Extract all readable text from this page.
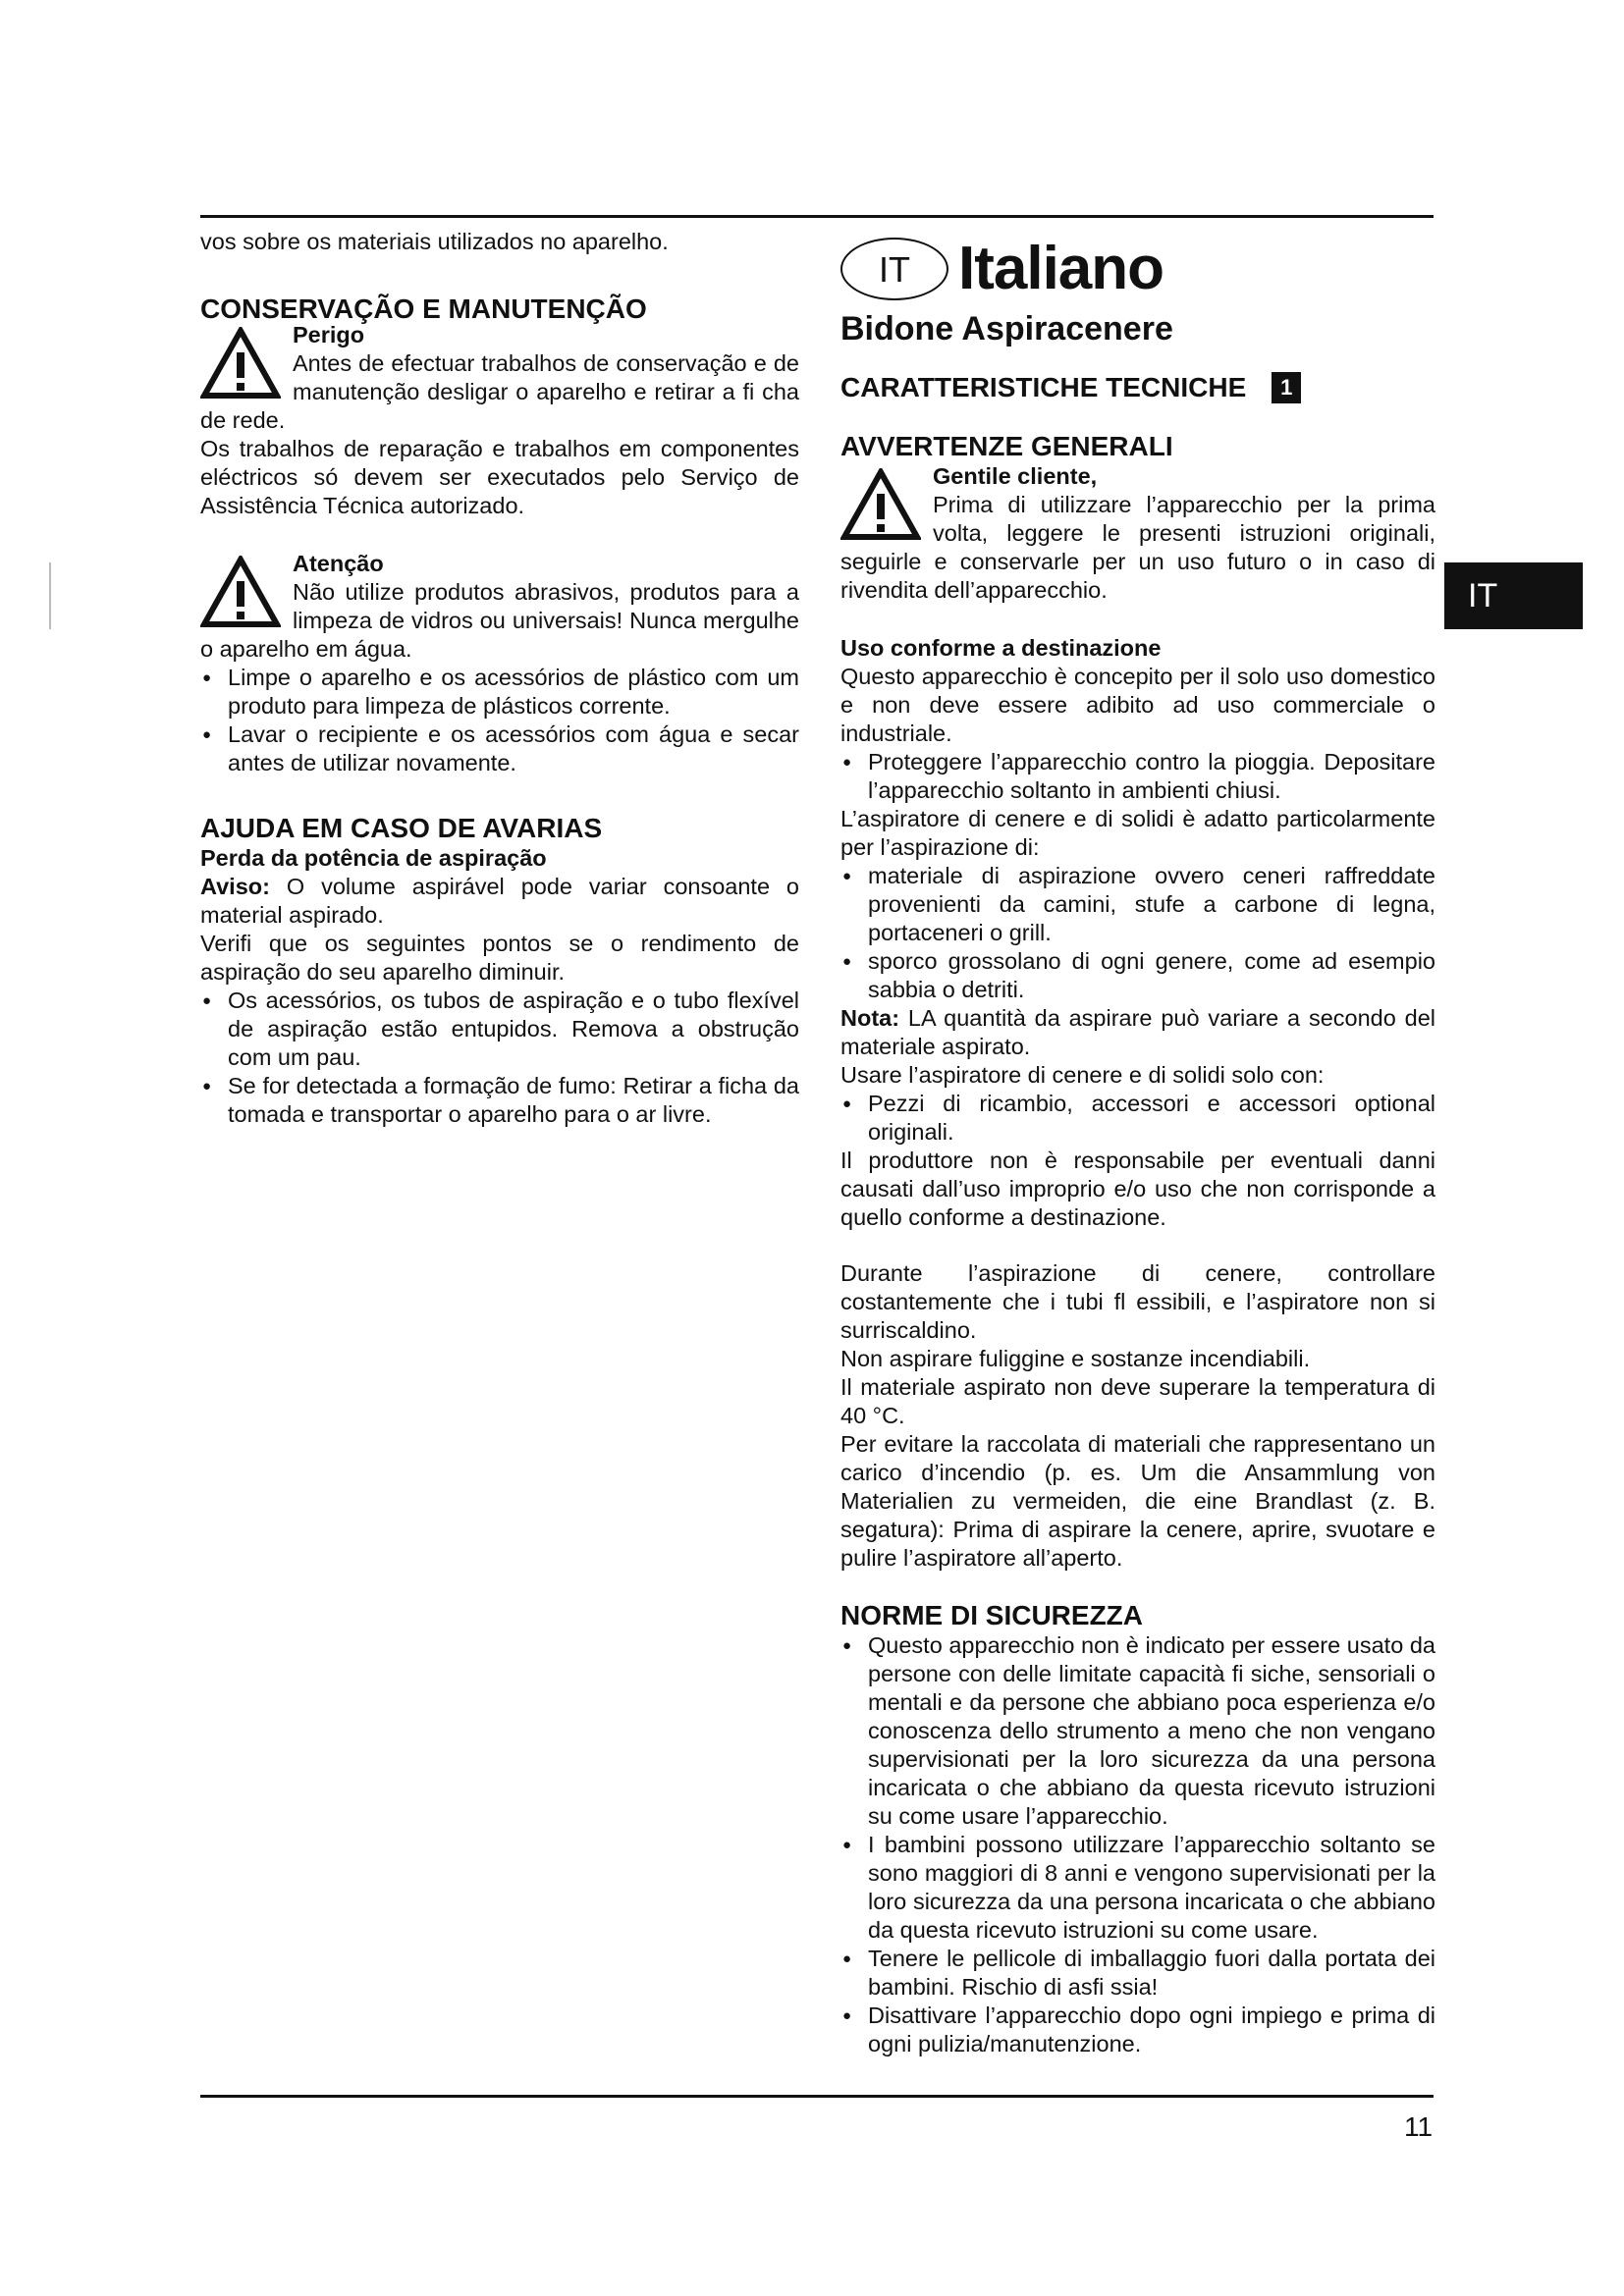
vos sobre os materiais utilizados no aparelho.

CONSERVAÇÃO E MANUTENÇÃO
Perigo

Antes de efectuar trabalhos de conservação e de manutenção desligar o aparelho e retirar a fi cha de rede.

Os trabalhos de reparação e trabalhos em componentes eléctricos só devem ser executados pelo Serviço de Assistência Técnica autorizado.

Atenção

Não utilize produtos abrasivos, produtos para a limpeza de vidros ou universais! Nunca mergulhe o aparelho em água.

● Limpe o aparelho e os acessórios de plástico com um produto para limpeza de plásticos corrente.
● Lavar o recipiente e os acessórios com água e secar antes de utilizar novamente.
AJUDA EM CASO DE AVARIAS
Perda da potência de aspiração

Aviso: O volume aspirável pode variar consoante o material aspirado.

Verifi que os seguintes pontos se o rendimento de aspiração do seu aparelho diminuir.

● Os acessórios, os tubos de aspiração e o tubo flexível de aspiração estão entupidos. Remova a obstrução com um pau.
● Se for detectada a formação de fumo: Retirar a ficha da tomada e transportar o aparelho para o ar livre.
IT Italiano
Bidone Aspiracenere
CARATTERISTICHE TECNICHE	1
AVVERTENZE GENERALI
Gentile cliente,

Prima di utilizzare l’apparecchio per la prima volta, leggere le presenti istruzioni originali, seguirle e conservarle per un uso futuro o in caso di rivendita dell’apparecchio.

Uso conforme a destinazione

Questo apparecchio è concepito per il solo uso domestico e non deve essere adibito ad uso commerciale o industriale.

● Proteggere l’apparecchio contro la pioggia. Depositare l’apparecchio soltanto in ambienti chiusi.

L’aspiratore di cenere e di solidi è adatto particolarmente per l’aspirazione di:

● materiale di aspirazione ovvero ceneri raffreddate provenienti da camini, stufe a carbone di legna, portaceneri o grill.
● sporco grossolano di ogni genere, come ad esempio sabbia o detriti.

Nota: LA quantità da aspirare può variare a secondo del materiale aspirato.

Usare l’aspiratore di cenere e di solidi solo con:

● Pezzi di ricambio, accessori e accessori optional originali.

Il produttore non è responsabile per eventuali danni causati dall’uso improprio e/o uso che non corrisponde a quello conforme a destinazione.

Durante l’aspirazione di cenere, controllare costantemente che i tubi fl essibili, e l’aspiratore non si surriscaldino.

Non aspirare fuliggine e sostanze incendiabili.

Il materiale aspirato non deve superare la temperatura di 40 °C.

Per evitare la raccolata di materiali che rappresentano un carico d’incendio (p. es. Um die Ansammlung von Materialien zu vermeiden, die eine Brandlast (z. B. segatura): Prima di aspirare la cenere, aprire, svuotare e pulire l’aspiratore all’aperto.

NORME DI SICUREZZA
● Questo apparecchio non è indicato per essere usato da persone con delle limitate capacità fi siche, sensoriali o mentali e da persone che abbiano poca esperienza e/o conoscenza dello strumento a meno che non vengano supervisionati per la loro sicurezza da una persona incaricata o che abbiano da questa ricevuto istruzioni su come usare l’apparecchio.
● I bambini possono utilizzare l’apparecchio soltanto se sono maggiori di 8 anni e vengono supervisionati per la loro sicurezza da una persona incaricata o che abbiano da questa ricevuto istruzioni su come usare.
● Tenere le pellicole di imballaggio fuori dalla portata dei bambini. Rischio di asfi ssia!
● Disattivare l’apparecchio dopo ogni impiego e prima di ogni pulizia/manutenzione.
IT
11
